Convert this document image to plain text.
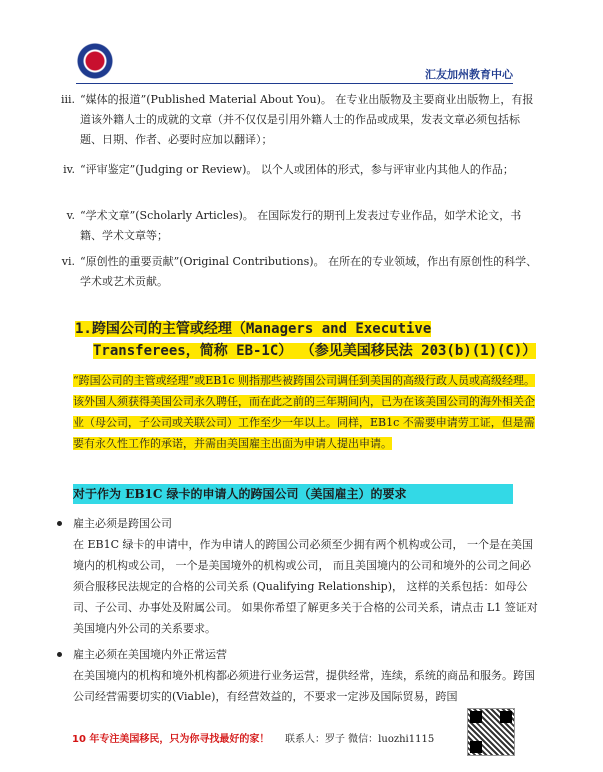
汇友加州教育中心
iii. “媒体的报道”(Published Material About You)。 在专业出版物及主要商业出版物上，有报道该外籍人士的成就的文章（并不仅仅是引用外籍人士的作品或成果，发表文章必须包括标题、日期、作者、必要时应加以翻译）；
iv. “评审鉴定”(Judging or Review)。 以个人或团体的形式，参与评审业内其他人的作品；
v. “学术文章”(Scholarly Articles)。 在国际发行的期刊上发表过专业作品，如学术论文，书籍、学术文章等；
vi. “原创性的重要贡献”(Original Contributions)。 在所在的专业领域，作出有原创性的科学、学术或艺术贡献。
1.跨国公司的主管或经理（Managers and Executive
Transferees，简称 EB-1C） （参见美国移民法 203(b)(1)(C)）
“跨国公司的主管或经理”或EB1c 则指那些被跨国公司调任到美国的高级行政人员或高级经理。该外国人须获得美国公司永久聘任，而在此之前的三年期间内，已为在该美国公司的海外相关企业（母公司，子公司或关联公司）工作至少一年以上。同样，EB1c 不需要申请劳工证，但是需要有永久性工作的承诺，并需由美国雇主出面为申请人提出申请。
对于作为 EB1C 绿卡的申请人的跨国公司（美国雇主）的要求
雇主必须是跨国公司
在 EB1C 绿卡的申请中，作为申请人的跨国公司必须至少拥有两个机构或公司， 一个是在美国境内的机构或公司， 一个是美国境外的机构或公司， 而且美国境内的公司和境外的公司之间必须合服移民法规定的合格的公司关系 (Qualifying Relationship)， 这样的关系包括：如母公司、子公司、办事处及附属公司。 如果你希望了解更多关于合格的公司关系，请点击 L1 签证对美国境内外公司的关系要求。
雇主必须在美国境内外正常运营
在美国境内的机构和境外机构都必须进行业务运营，提供经常，连续，系统的商品和服务。跨国公司经营需要切实的(Viable)，有经营效益的，不要求一定涉及国际贸易，跨国
10 年专注美国移民，只为你寻找最好的家！ 联系人：罗子 微信：luozhi1115
